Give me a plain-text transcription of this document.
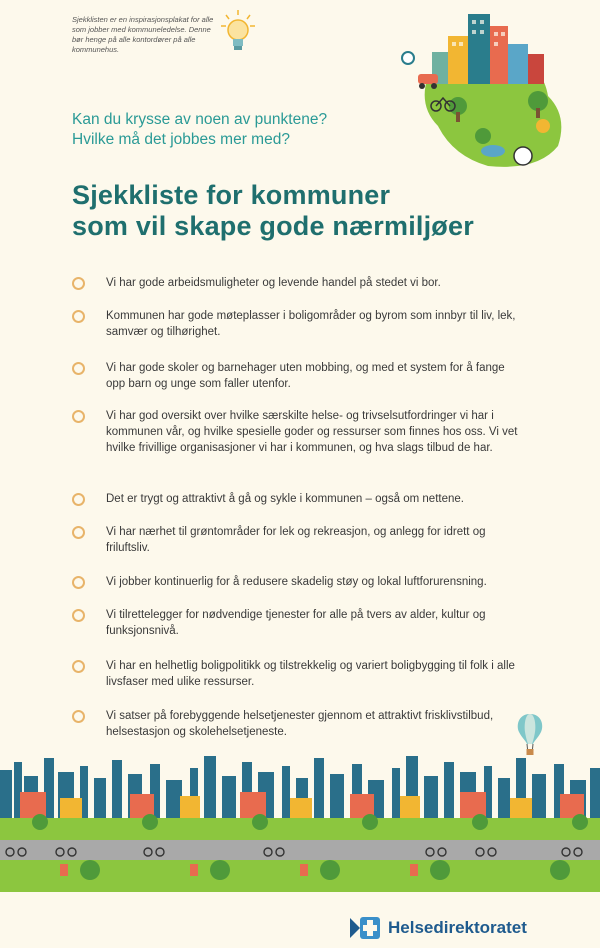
Sjekklisten er en inspirasjonsplakat for alle som jobber med kommuneledelse. Denne bør henge på alle kontordører på alle kommunehus.
Kan du krysse av noen av punktene?
Hvilke må det jobbes mer med?
Sjekkliste for kommuner
som vil skape gode nærmiljøer
Vi har gode arbeidsmuligheter og levende handel på stedet vi bor.
Kommunen har gode møteplasser i boligområder og byrom som innbyr til liv, lek, samvær og tilhørighet.
Vi har gode skoler og barnehager uten mobbing, og med et system for å fange opp barn og unge som faller utenfor.
Vi har god oversikt over hvilke særskilte helse- og trivselsutfordringer vi har i kommunen vår, og hvilke spesielle goder og ressurser som finnes hos oss. Vi vet hvilke frivillige organisasjoner vi har i kommunen, og hva slags tilbud de har.
Det er trygt og attraktivt å gå og sykle i kommunen – også om nettene.
Vi har nærhet til grøntområder for lek og rekreasjon, og anlegg for idrett og friluftsliv.
Vi jobber kontinuerlig for å redusere skadelig støy og lokal luftforurensning.
Vi tilrettelegger for nødvendige tjenester for alle på tvers av alder, kultur og funksjonsnivå.
Vi har en helhetlig boligpolitikk og tilstrekkelig og variert boligbygging til folk i alle livsfaser med ulike ressurser.
Vi satser på forebyggende helsetjenester gjennom et attraktivt frisklivstilbud, helsestasjon og skolehelsetjeneste.
Helsedirektoratet
